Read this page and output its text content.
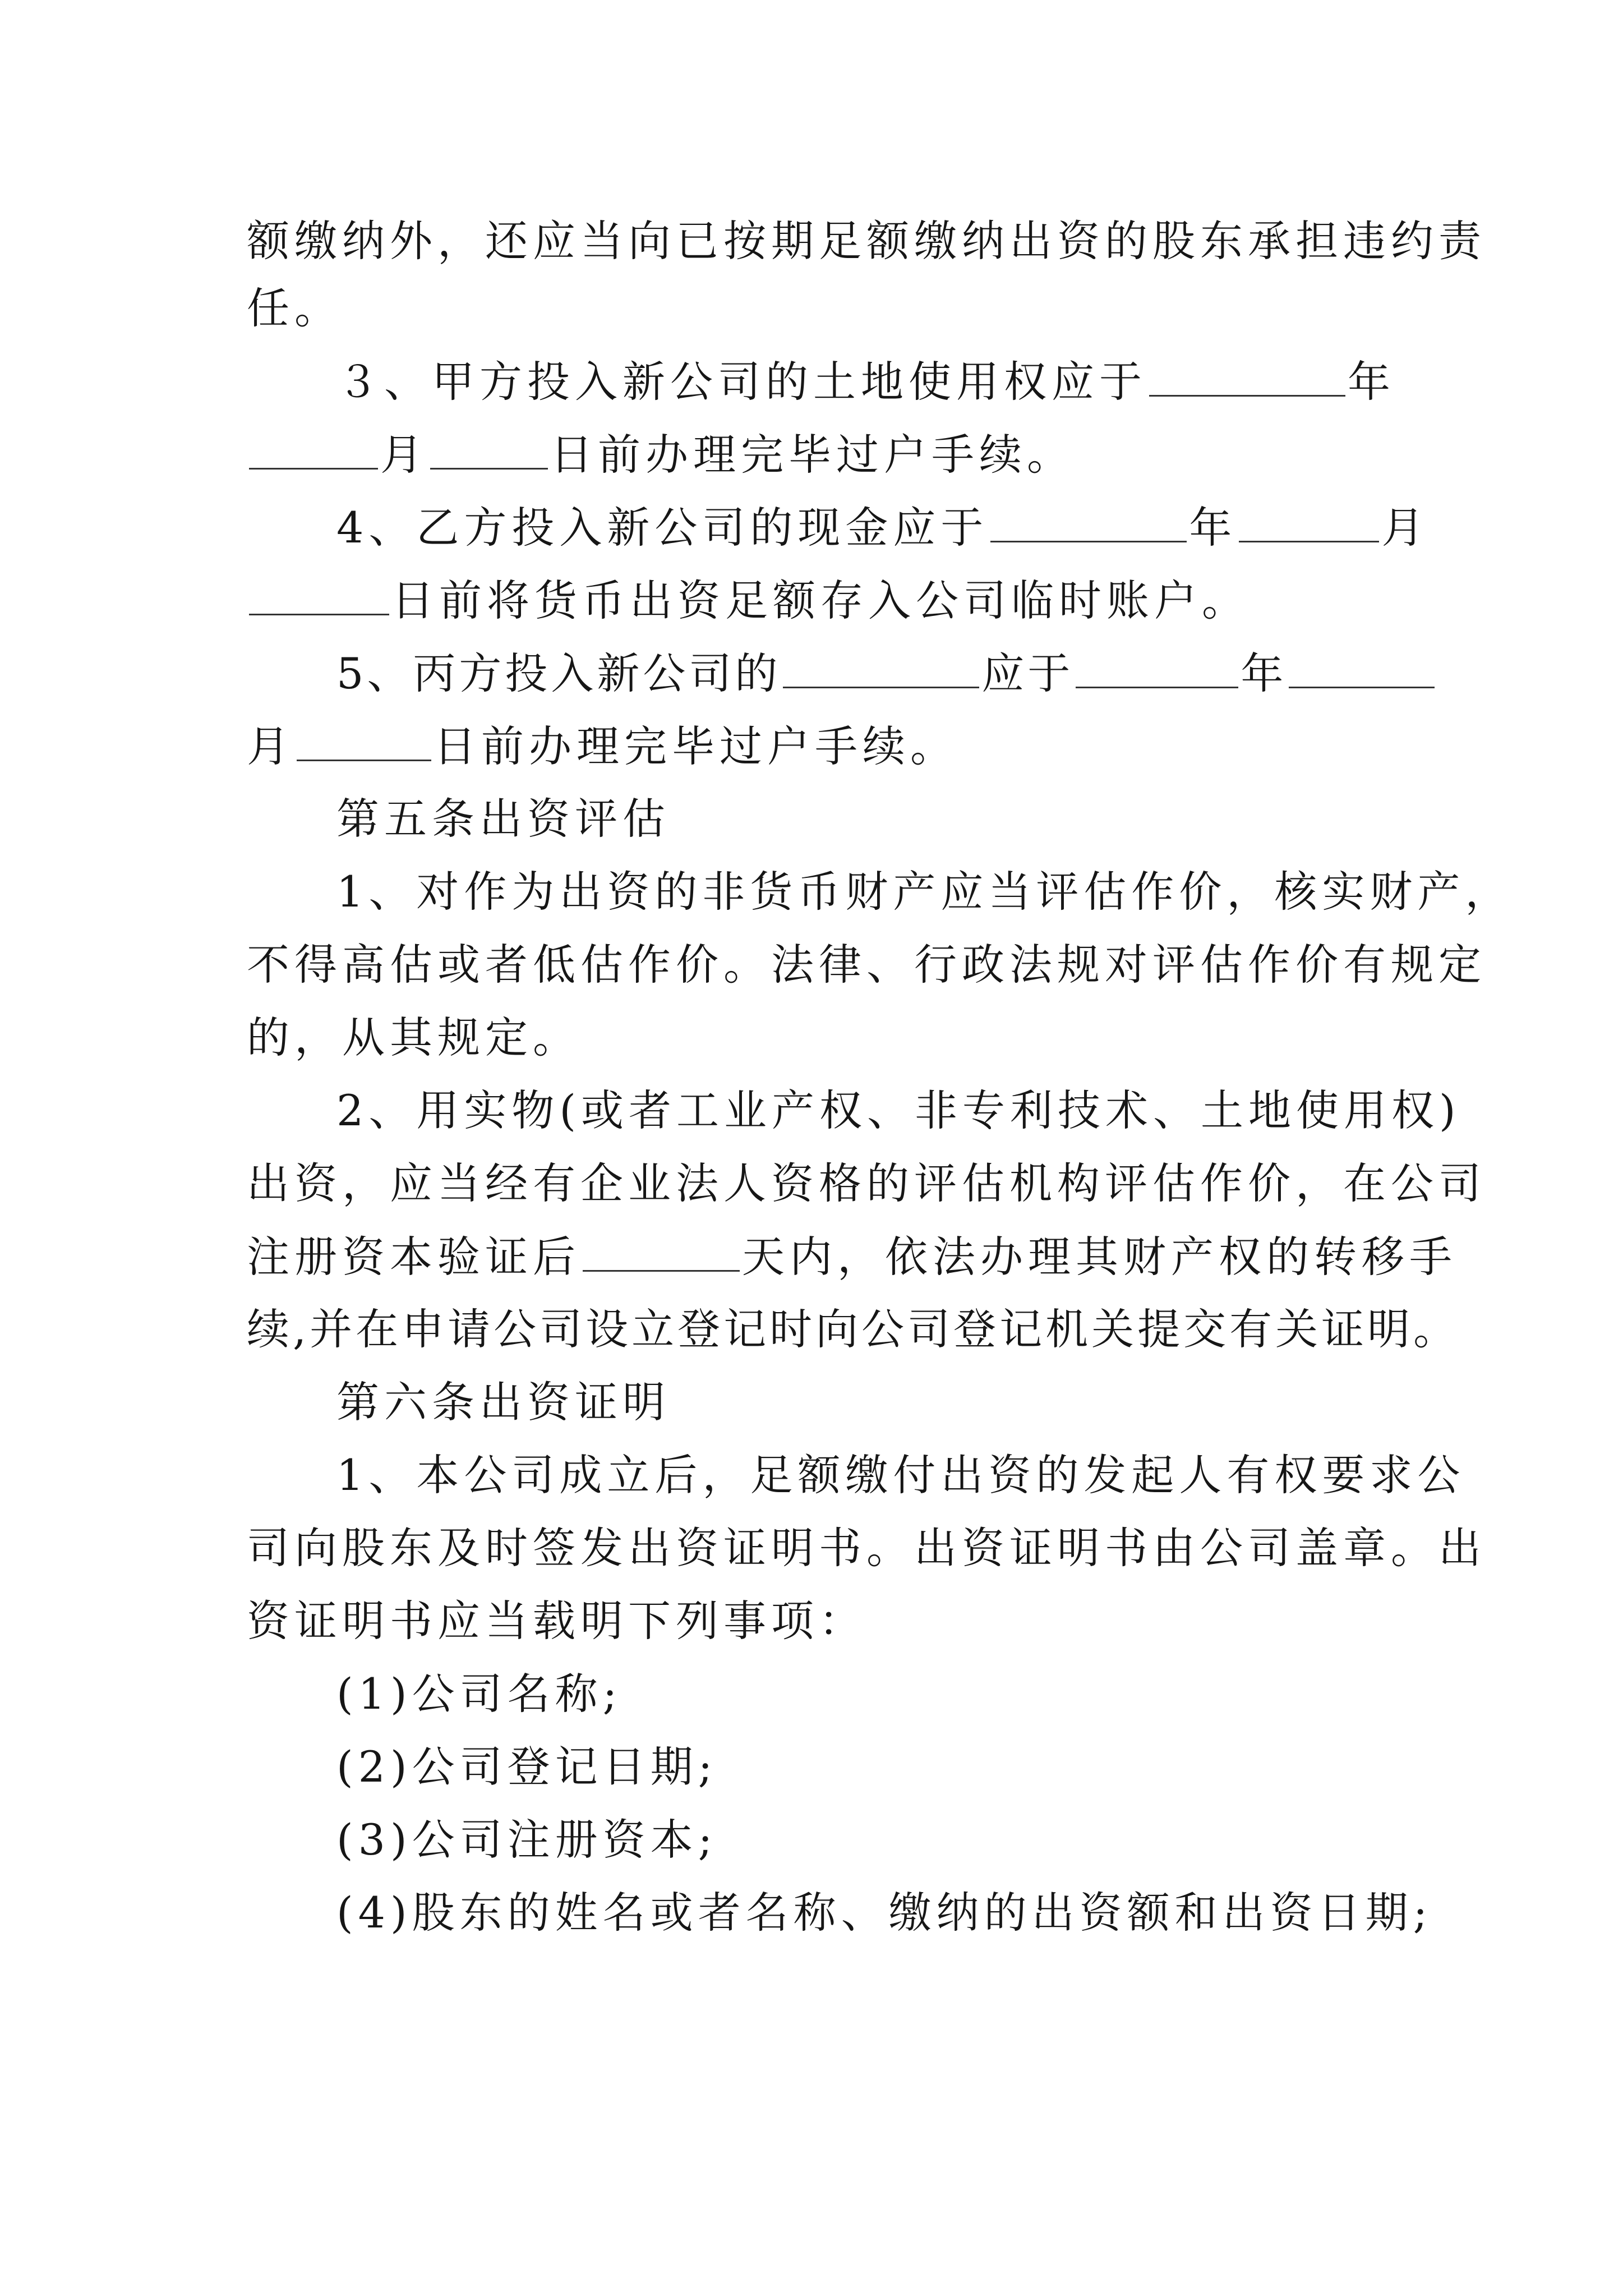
额缴纳外，还应当向已按期足额缴纳出资的股东承担违约责
任。
３、甲方投入新公司的土地使用权应于	年
月	日前办理完毕过户手续。
4、乙方投入新公司的现金应于	年	月
日前将货币出资足额存入公司临时账户。
5、丙方投入新公司的	应于	年
月	日前办理完毕过户手续。
第五条出资评估
1、对作为出资的非货币财产应当评估作价，核实财产，
不得高估或者低估作价。法律、行政法规对评估作价有规定
的，从其规定。
2、用实物(或者工业产权、非专利技术、土地使用权)
出资，应当经有企业法人资格的评估机构评估作价，在公司
注册资本验证后	天内，依法办理其财产权的转移手
续,并在申请公司设立登记时向公司登记机关提交有关证明。
第六条出资证明
1、本公司成立后，足额缴付出资的发起人有权要求公
司向股东及时签发出资证明书。出资证明书由公司盖章。出
资证明书应当载明下列事项：
(1)公司名称;
(2)公司登记日期;
(3)公司注册资本;
(4)股东的姓名或者名称、缴纳的出资额和出资日期;
